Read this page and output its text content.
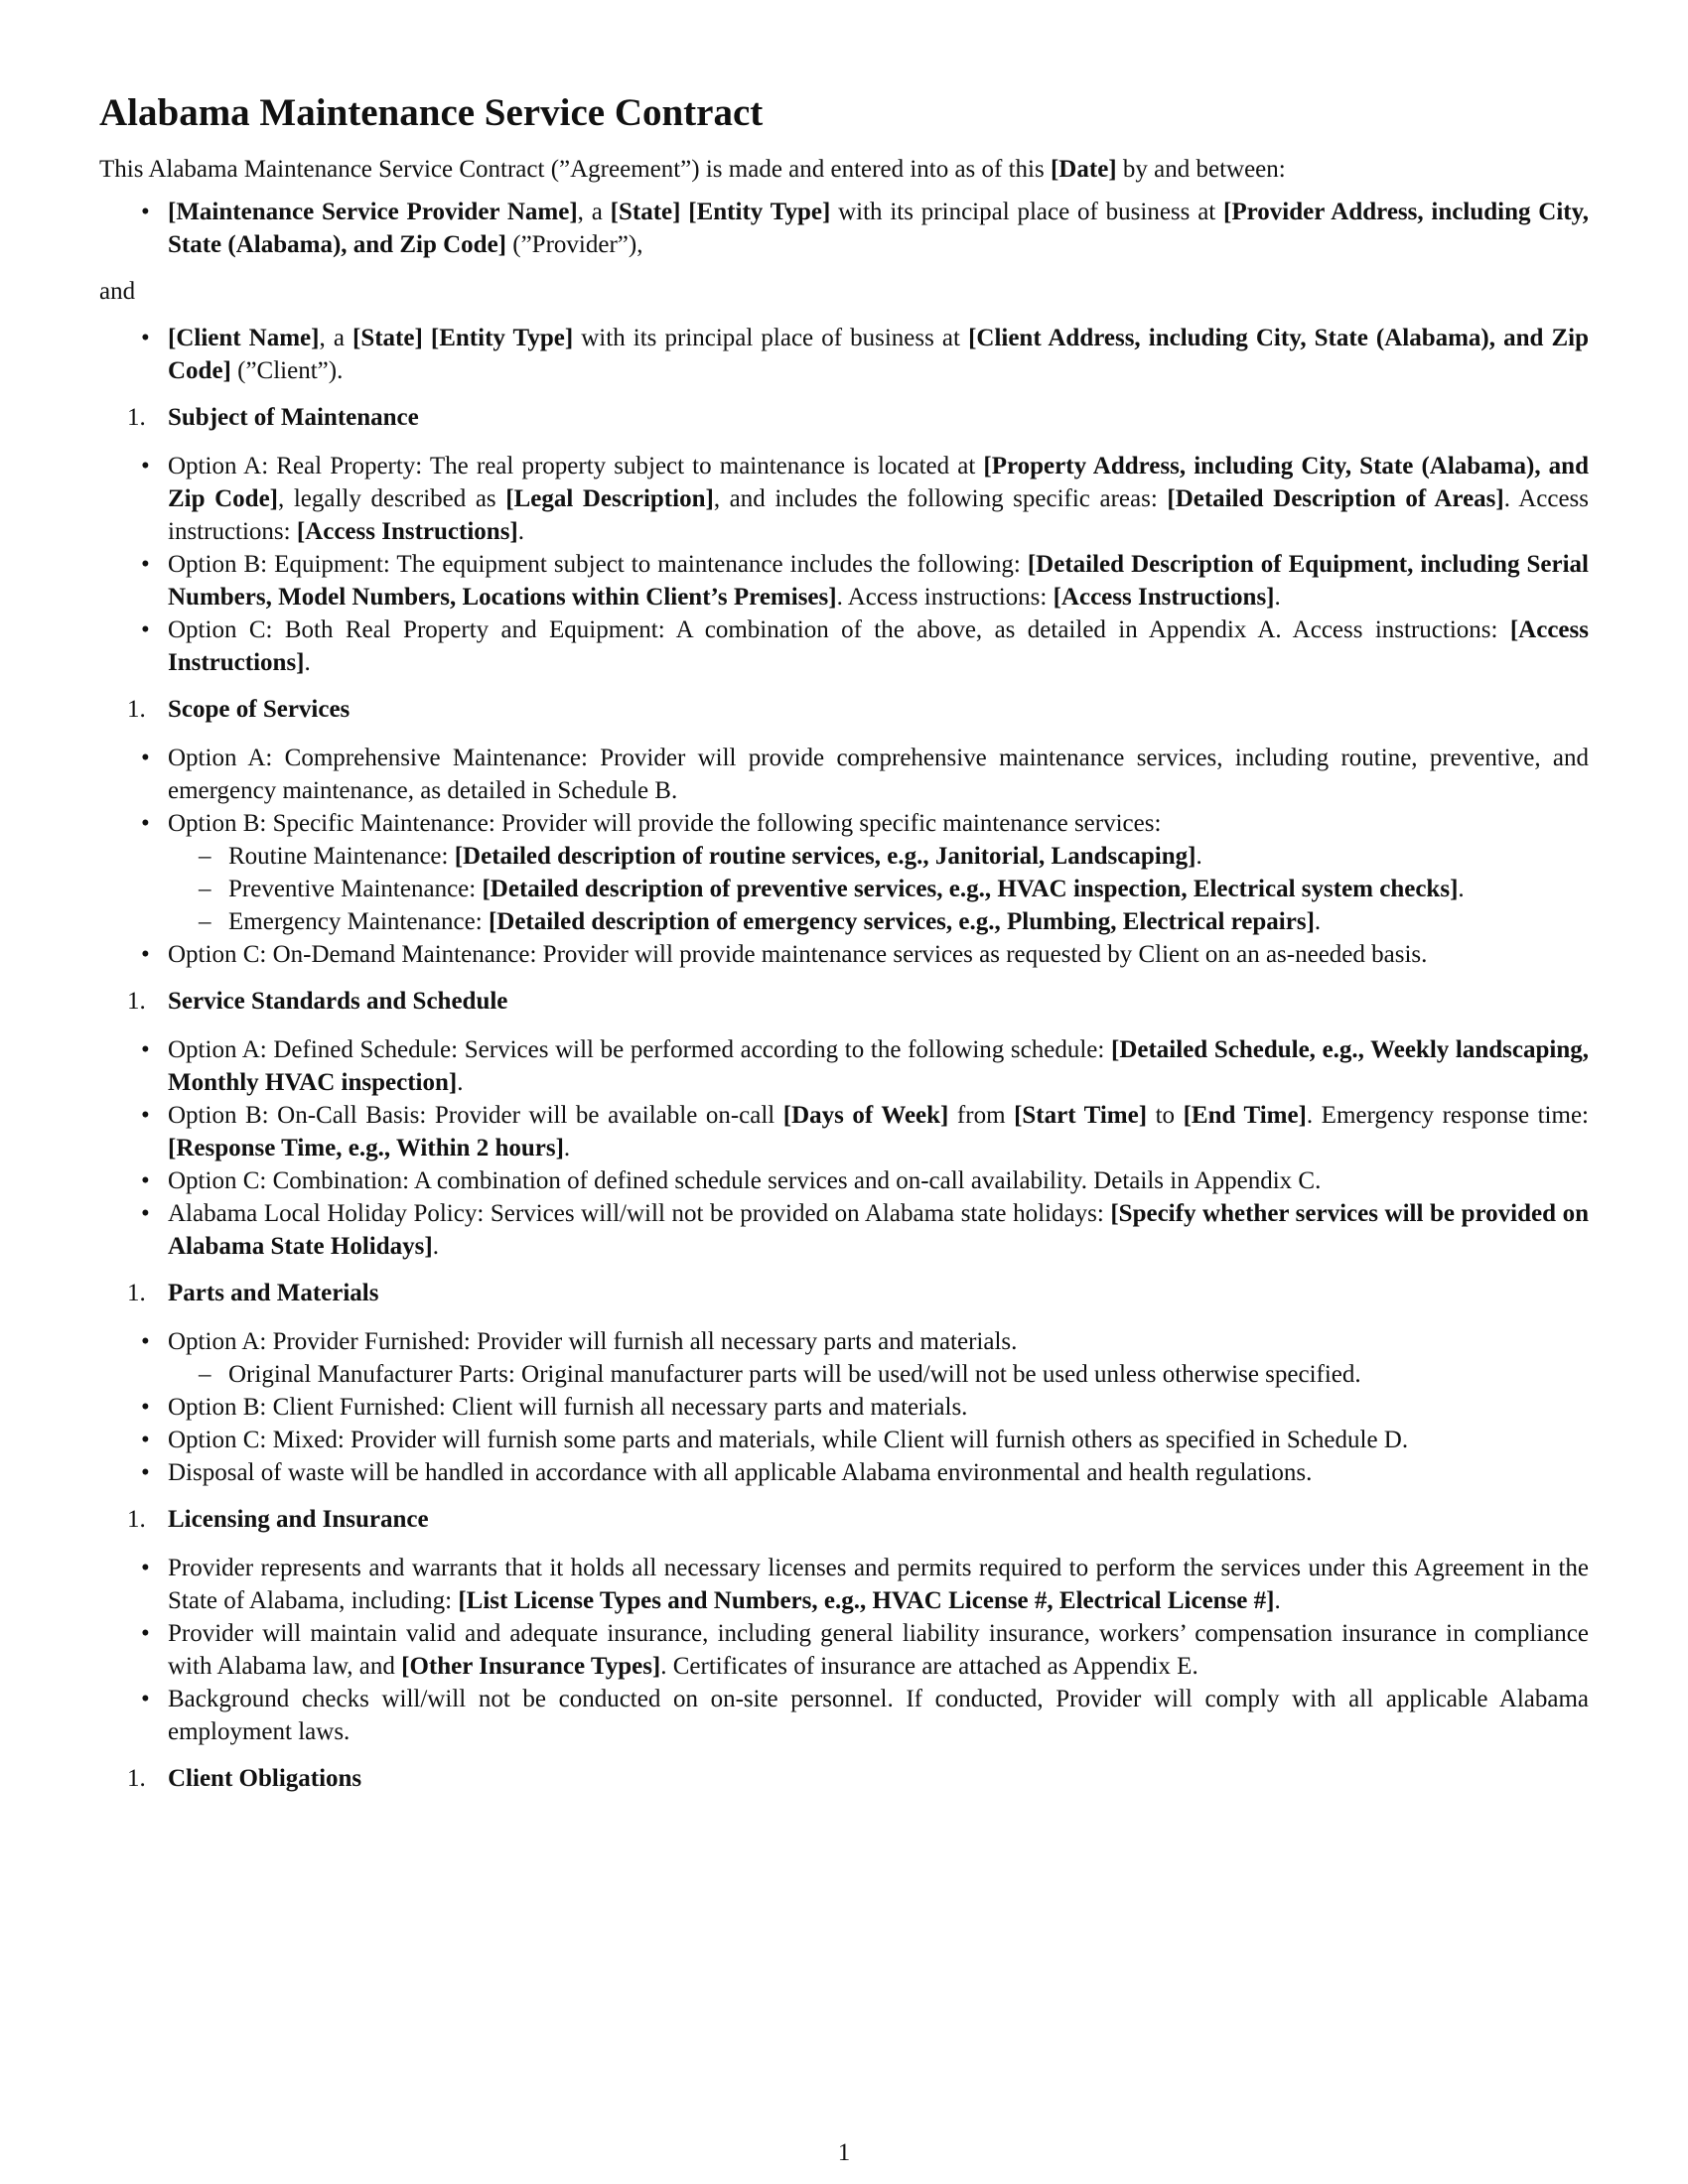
Alabama Maintenance Service Contract

This Alabama Maintenance Service Contract (”Agreement”) is made and entered into as of this [Date] by and between:

• [Maintenance Service Provider Name], a [State] [Entity Type] with its principal place of business at [Provider Address, including City, State (Alabama), and Zip Code] (”Provider”),

and

• [Client Name], a [State] [Entity Type] with its principal place of business at [Client Address, including City, State (Alabama), and Zip Code] (”Client”).
1. Subject of Maintenance
• Option A: Real Property: The real property subject to maintenance is located at [Property Address, including City, State (Alabama), and Zip Code], legally described as [Legal Description], and includes the following specific areas: [Detailed Description of Areas]. Access instructions: [Access Instructions].
• Option B: Equipment: The equipment subject to maintenance includes the following: [Detailed Description of Equipment, including Serial Numbers, Model Numbers, Locations within Client’s Premises]. Access instructions: [Access Instructions].
• Option C: Both Real Property and Equipment: A combination of the above, as detailed in Appendix A. Access instructions: [Access Instructions].
1. Scope of Services
• Option A: Comprehensive Maintenance: Provider will provide comprehensive maintenance services, including routine, preventive, and emergency maintenance, as detailed in Schedule B.
• Option B: Specific Maintenance: Provider will provide the following specific maintenance services:
– Routine Maintenance: [Detailed description of routine services, e.g., Janitorial, Landscaping].
– Preventive Maintenance: [Detailed description of preventive services, e.g., HVAC inspection, Electrical system checks].
– Emergency Maintenance: [Detailed description of emergency services, e.g., Plumbing, Electrical repairs].
• Option C: On-Demand Maintenance: Provider will provide maintenance services as requested by Client on an as-needed basis.
1. Service Standards and Schedule
• Option A: Defined Schedule: Services will be performed according to the following schedule: [Detailed Schedule, e.g., Weekly landscaping, Monthly HVAC inspection].
• Option B: On-Call Basis: Provider will be available on-call [Days of Week] from [Start Time] to [End Time]. Emergency response time: [Response Time, e.g., Within 2 hours].
• Option C: Combination: A combination of defined schedule services and on-call availability. Details in Appendix C.
• Alabama Local Holiday Policy: Services will/will not be provided on Alabama state holidays: [Specify whether services will be provided on Alabama State Holidays].
1. Parts and Materials
• Option A: Provider Furnished: Provider will furnish all necessary parts and materials.
– Original Manufacturer Parts: Original manufacturer parts will be used/will not be used unless otherwise specified.
• Option B: Client Furnished: Client will furnish all necessary parts and materials.
• Option C: Mixed: Provider will furnish some parts and materials, while Client will furnish others as specified in Schedule D.
• Disposal of waste will be handled in accordance with all applicable Alabama environmental and health regulations.
1. Licensing and Insurance
• Provider represents and warrants that it holds all necessary licenses and permits required to perform the services under this Agreement in the State of Alabama, including: [List License Types and Numbers, e.g., HVAC License #, Electrical License #].
• Provider will maintain valid and adequate insurance, including general liability insurance, workers’ compensation insurance in compliance with Alabama law, and [Other Insurance Types]. Certificates of insurance are attached as Appendix E.
• Background checks will/will not be conducted on on-site personnel. If conducted, Provider will comply with all applicable Alabama employment laws.
1. Client Obligations
1
